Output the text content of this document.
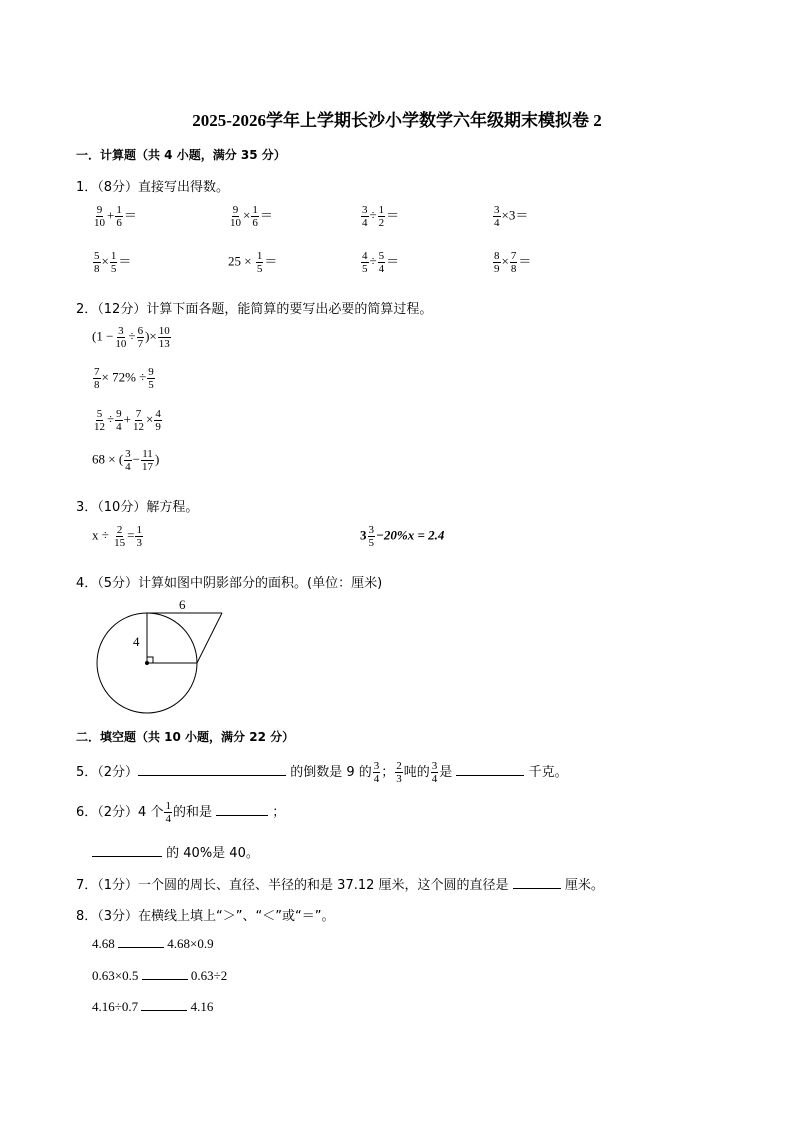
2025-2026学年上学期长沙小学数学六年级期末模拟卷 2
一．计算题（共 4 小题，满分 35 分）
1．（8分）直接写出得数。
$\frac{9}{10} + \frac{1}{6}$ ＝	$\frac{9}{10} \times \frac{1}{6}$ ＝	$\frac{3}{4} \div \frac{1}{2}$ ＝	$\frac{3}{4} \times 3=$
$\frac{5}{8} \times \frac{1}{5}$ ＝	$25 \times \frac{1}{5}$ ＝	$\frac{4}{5} \div \frac{5}{4}$ ＝	$\frac{8}{9} \times \frac{7}{8}$ ＝
2．（12分）计算下面各题，能简算的要写出必要的简算过程。
($1 - \frac{3}{10} \div \frac{6}{7}$ )× $\frac{10}{13}$
$\frac{7}{8} \times 72\% \div \frac{9}{5}$
$\frac{5}{12} \div \frac{9}{4} + \frac{7}{12} \times \frac{4}{9}$
68 × ( $\frac{3}{4} - \frac{11}{17}$ )
3．（10分）解方程。
$x \div \frac{2}{15} = \frac{1}{3}$	$3 \frac{3}{5} -20\%x = 2.4$
4．（5分）计算如图中阴影部分的面积。(单位：厘米)
6
4
二．填空题（共 10 小题，满分 22 分）
5．（2分）	的倒数是 9 的 $\frac{3}{4}$ ； $\frac{2}{3}$ 吨的 $\frac{3}{4}$ 是	千克。
6．（2分）4 个 $\frac{1}{4}$ 的和是	；
的 40%是 40。
7．（1分）一个圆的周长、直径、半径的和是 37.12 厘米，这个圆的直径是	厘米。
8．（3分）在横线上填上“＞”、“＜”或“＝”。
4.68	4.68×0.9
0.63×0.5	0.63÷2
4.16÷0.7	4.16
